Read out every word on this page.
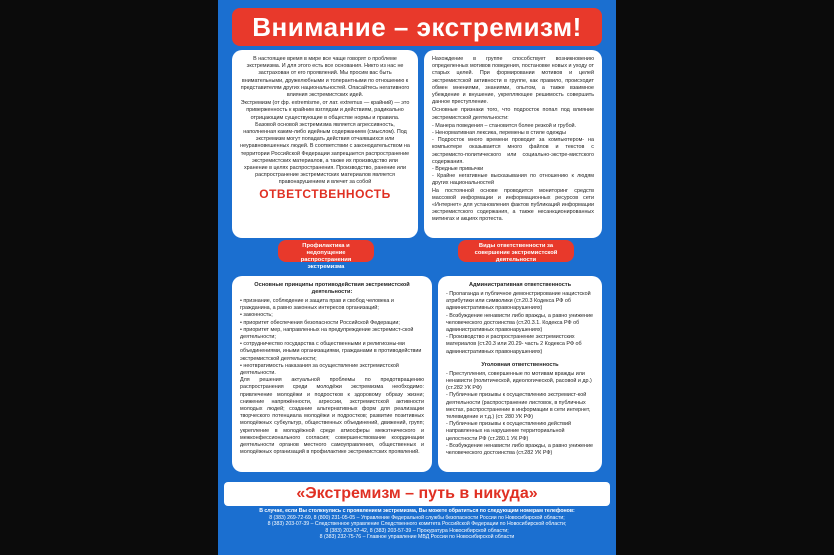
Внимание – экстремизм!

В настоящее время в мире все чаще говорят о проблеме экстремизма. И для этого есть все основания. Никто из нас не застрахован от его проявлений. Мы просим вас быть внимательными, дружелюбными и толерантными по отношению к представителям других национальностей. Опасайтесь негативного влияния экстремистских идей.

Экстремизм (от фр. extremisme, от лат. extremus — крайний) — это приверженность к крайним взглядам и действиям, радикально отрицающим существующие в обществе нормы и правила. Базовой основой экстремизма является агрессивность, наполненная каким-либо идейным содержанием (смыслом). Под экстремизм могут попадать действия отчаявшихся или неуравновешенных людей. В соответствии с законодательством на территории Российской Федерации запрещается распространение экстремистских материалов, а также их производство или хранение в целях распространения. Производство, ранение или распространение экстремистских материалов является правонарушением и влечет за собой

ОТВЕТСТВЕННОСТЬ

Нахождение в группе способствует возникновению определенных мотивов поведения, постановке новых и уходу от старых целей. При формировании мотивов и целей экстремистской активности в группе, как правило, происходит обмен мнениями, знаниями, опытом, а также взаимное убеждение и внушение, укрепляющее решимость совершить данное преступление.

Основные признаки того, что подросток попал под влияние экстремистской деятельности:

- Манера поведения – становится более резкой и грубой.
- Ненормативная лексика, перемены в стиле одежды
- Подросток много времени проводит за компьютером- на компьютере оказывается много файлов и текстов с экстремисто-политического или социально-экстре-мистского содержания.
- Вредные привычки
- Крайне негативные высказывания по отношению к людям других национальностей

На постоянной основе проводится мониторинг средств массовой информации и информационных ресурсов сети «Интернет» для установления фактов публикаций информации экстремистского содержания, а также несанкционированных митингах и акциях протеста.

Профилактика и недопущение распространения экстремизма
Виды ответственности за совершение экстремистской деятельности
Основные принципы противодействия экстремистской деятельности:
• признание, соблюдение и защита прав и свобод человека и гражданина, а равно законных интересов организаций;
• законность;
• приоритет обеспечения безопасности Российской Федерации;
• приоритет мер, направленных на предупреждение экстремист-ской деятельности;
• сотрудничество государства с общественными и религиозны-ми объединениями, иными организациями, гражданами в противодействии экстремистской деятельности;
• неотвратимость наказания за осуществление экстремистской деятельности.

Для решения актуальной проблемы по предотвращению распространения среди молодёжи экстремизма необходимо: привлечение молодёжи и подростков к здоровому образу жизни; снижение напряжённости, агрессии, экстремистской активности молодых людей; создание альтернативных форм для реализации творческого потенциала молодёжи и подростков; развитие позитивных молодёжных субкультур, общественных объединений, движений, групп; укрепление в молодёжной среде атмосферы межэтнического и межконфессионального согласия; совершенствование координации деятельности органов местного самоуправления, общественных и молодёжных организаций в профилактике экстремистских проявлений.

Административная ответственность
- Пропаганда и публичное демонстрирование нацистской атрибутики или символики (ст.20.3 Кодекса РФ об административных правонарушениях)
- Возбуждение ненависти либо вражды, а равно унижение человеческого достоинства (ст.20.3.1. Кодекса РФ об административных правонарушениях)
- Производство и распространение экстремистских материалов (ст.20.3 или 20.29- часть 2 Кодекса РФ об административных правонарушениях)
Уголовная ответственность
- Преступления, совершенные по мотивам вражды или ненависти (политической, идеологической, расовой и др.) (ст.282 УК РФ)
- Публичные призывы к осуществлению экстремист-кой деятельности (распространение листовок, в публичных местах, распространение в информации в сети интернет, телевидение и т.д.) (ст. 280 УК РФ)
- Публичные призывы к осуществлению действий направленных на нарушение территориальной целостности РФ (ст.280.1 УК РФ)
- Возбуждение ненависти либо вражды, а равно унижение человеческого достоинства (ст.282 УК РФ)
«Экстремизм – путь в никуда»
В случае, если Вы столкнулись с проявлением экстремизма, Вы можете обратиться по следующим номерам телефонов:
8 (383) 269-72-69, 8 (800) 231-05-05 – Управление Федеральной службы безопасности России по Новосибирской области;
8 (383) 203-07-39 – Следственное управление Следственного комитета Российской Федерации по Новосибирской области;
8 (383) 203-57-42, 8 (383) 203-57-39 – Прокуратура Новосибирской области;
8 (383) 232-75-76 – Главное управление МВД России по Новосибирской области
